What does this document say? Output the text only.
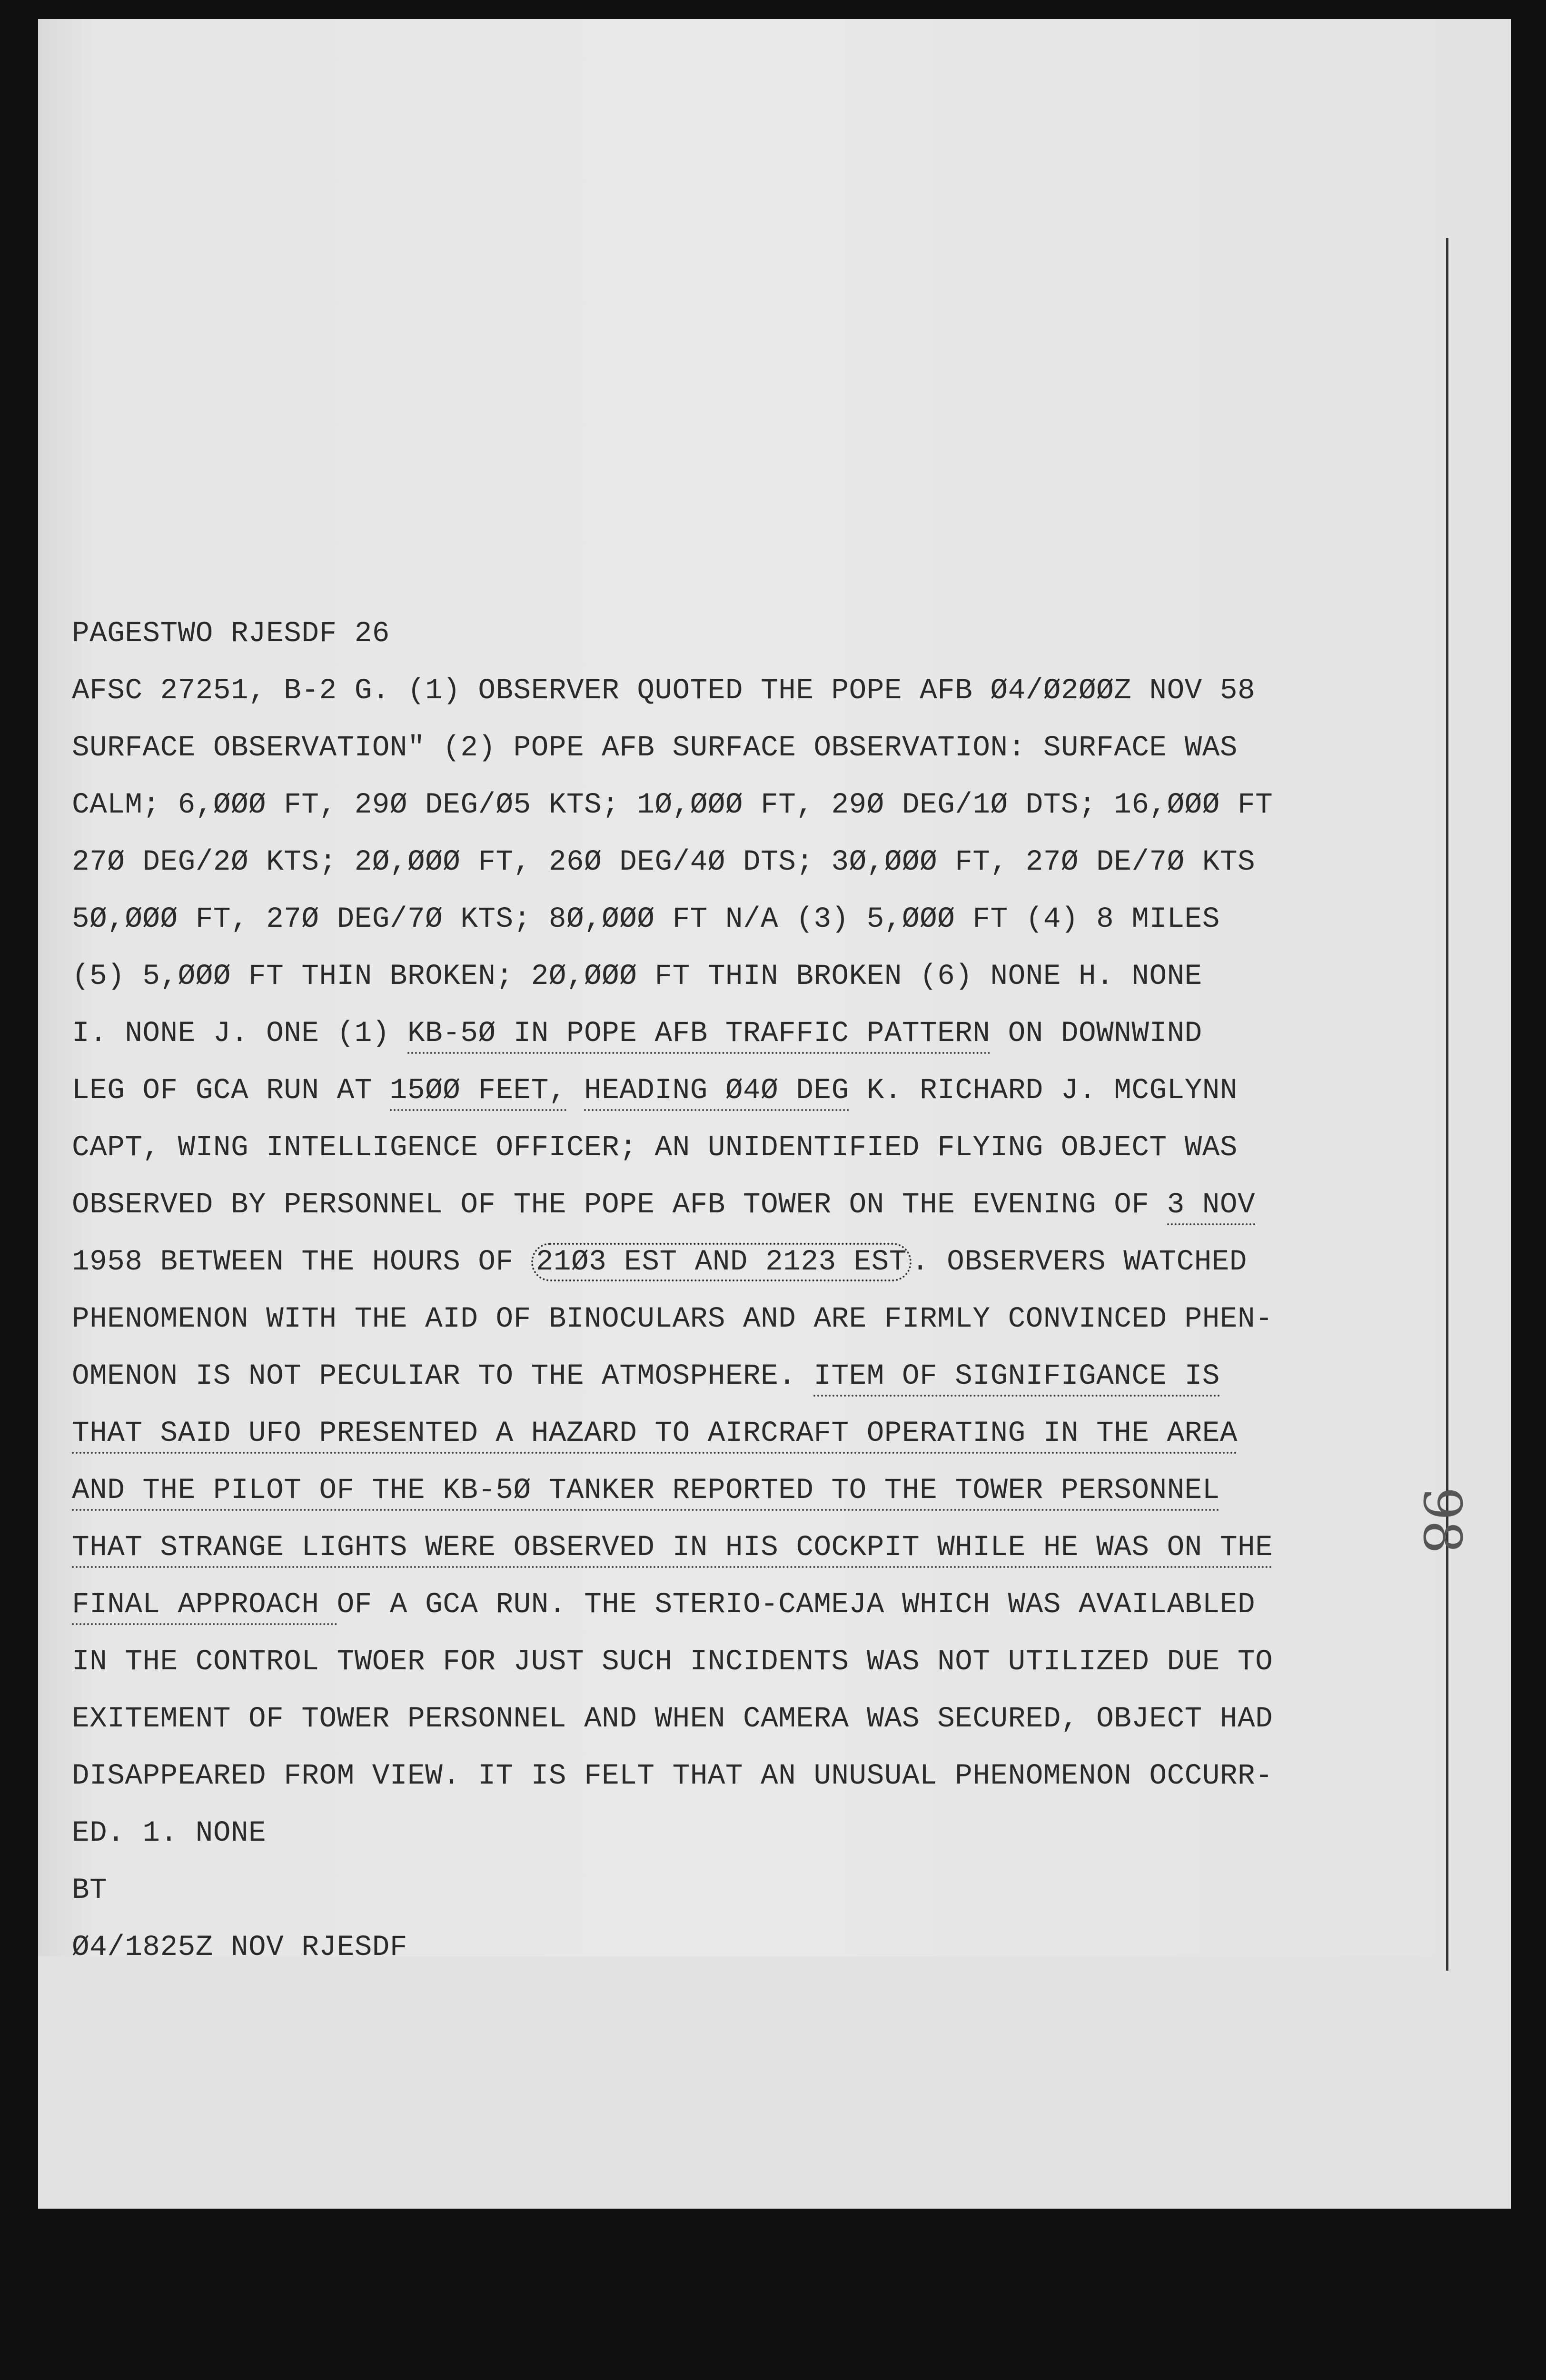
PAGESTWO RJESDF 26
AFSC 27251, B-2 G. (1) OBSERVER QUOTED THE POPE AFB Ø4/Ø2ØØZ NOV 58
SURFACE OBSERVATION" (2) POPE AFB SURFACE OBSERVATION: SURFACE WAS
CALM; 6,ØØØ FT, 29Ø DEG/Ø5 KTS; 1Ø,ØØØ FT, 29Ø DEG/1Ø DTS; 16,ØØØ FT
27Ø DEG/2Ø KTS; 2Ø,ØØØ FT, 26Ø DEG/4Ø DTS; 3Ø,ØØØ FT, 27Ø DE/7Ø KTS
5Ø,ØØØ FT, 27Ø DEG/7Ø KTS; 8Ø,ØØØ FT N/A (3) 5,ØØØ FT (4) 8 MILES
(5) 5,ØØØ FT THIN BROKEN; 2Ø,ØØØ FT THIN BROKEN (6) NONE H. NONE
I. NONE J. ONE (1) KB-5Ø IN POPE AFB TRAFFIC PATTERN ON DOWNWIND
LEG OF GCA RUN AT 15ØØ FEET, HEADING Ø4Ø DEG K. RICHARD J. MCGLYNN
CAPT, WING INTELLIGENCE OFFICER; AN UNIDENTIFIED FLYING OBJECT WAS
OBSERVED BY PERSONNEL OF THE POPE AFB TOWER ON THE EVENING OF 3 NOV
1958 BETWEEN THE HOURS OF 21Ø3 EST AND 2123 EST . OBSERVERS WATCHED
PHENOMENON WITH THE AID OF BINOCULARS AND ARE FIRMLY CONVINCED PHEN-
OMENON IS NOT PECULIAR TO THE ATMOSPHERE. ITEM OF SIGNIFIGANCE IS
THAT SAID UFO PRESENTED A HAZARD TO AIRCRAFT OPERATING IN THE AREA
AND THE PILOT OF THE KB-5Ø TANKER REPORTED TO THE TOWER PERSONNEL
THAT STRANGE LIGHTS WERE OBSERVED IN HIS COCKPIT WHILE HE WAS ON THE
FINAL APPROACH OF A GCA RUN. THE STERIO-CAMEJA WHICH WAS AVAILABLED
IN THE CONTROL TWOER FOR JUST SUCH INCIDENTS WAS NOT UTILIZED DUE TO
EXITEMENT OF TOWER PERSONNEL AND WHEN CAMERA WAS SECURED, OBJECT HAD
DISAPPEARED FROM VIEW. IT IS FELT THAT AN UNUSUAL PHENOMENON OCCURR-
ED. 1. NONE
BT
Ø4/1825Z NOV RJESDF
98
